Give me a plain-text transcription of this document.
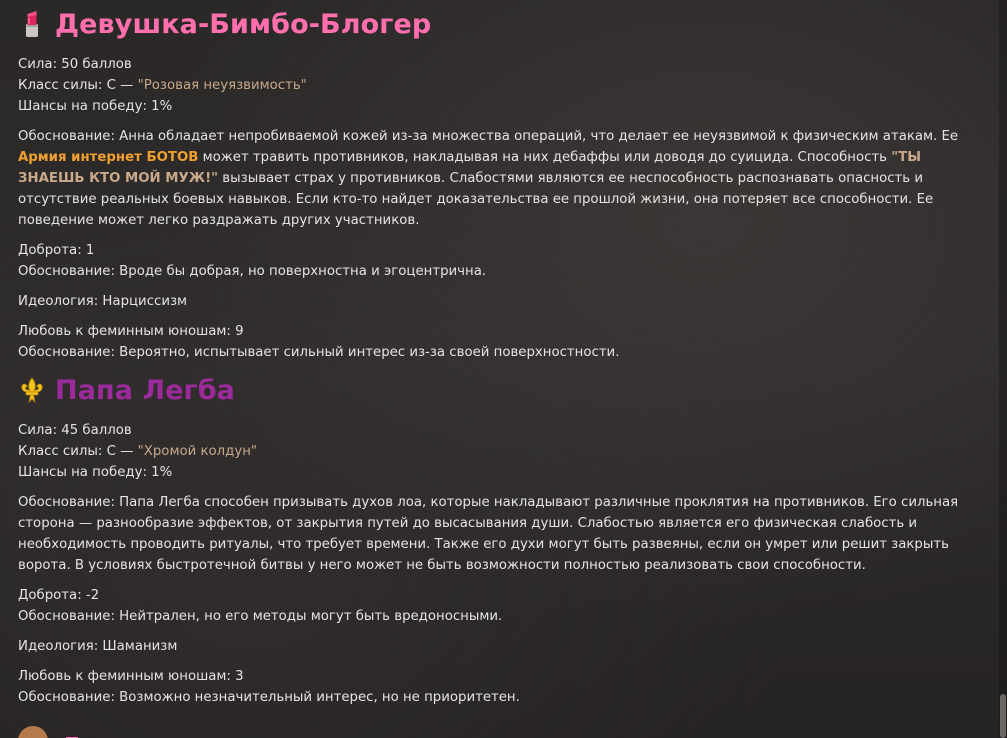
Девушка-Бимбо-Блогер

Сила: 50 баллов
Класс силы: C — "Розовая неуязвимость"
Шансы на победу: 1%

Обоснование: Анна обладает непробиваемой кожей из-за множества операций, что делает ее неуязвимой к физическим атакам. Ее Армия интернет БОТОВ может травить противников, накладывая на них дебаффы или доводя до суицида. Способность "ТЫ ЗНАЕШЬ КТО МОЙ МУЖ!" вызывает страх у противников. Слабостями являются ее неспособность распознавать опасность и отсутствие реальных боевых навыков. Если кто-то найдет доказательства ее прошлой жизни, она потеряет все способности. Ее поведение может легко раздражать других участников.

Доброта: 1
Обоснование: Вроде бы добрая, но поверхностна и эгоцентрична.

Идеология: Нарциссизм

Любовь к феминным юношам: 9
Обоснование: Вероятно, испытывает сильный интерес из-за своей поверхностности.

Папа Легба

Сила: 45 баллов
Класс силы: C — "Хромой колдун"
Шансы на победу: 1%

Обоснование: Папа Легба способен призывать духов лоа, которые накладывают различные проклятия на противников. Его сильная сторона — разнообразие эффектов, от закрытия путей до высасывания души. Слабостью является его физическая слабость и необходимость проводить ритуалы, что требует времени. Также его духи могут быть развеяны, если он умрет или решит закрыть ворота. В условиях быстротечной битвы у него может не быть возможности полностью реализовать свои способности.

Доброта: -2
Обоснование: Нейтрален, но его методы могут быть вредоносными.

Идеология: Шаманизм

Любовь к феминным юношам: 3
Обоснование: Возможно незначительный интерес, но не приоритетен.
